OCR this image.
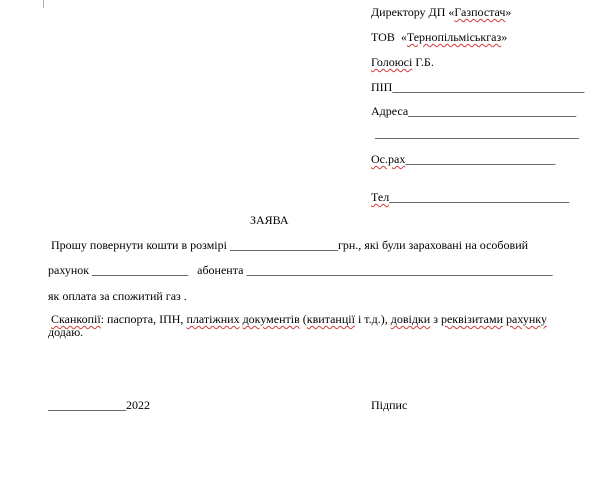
Директору ДП «Газпостач»
ТОВ  «Тернопільміськгаз»
Голоюсі Г.Б.
ПІП________________________________
Адреса____________________________
__________________________________
Ос.рах_________________________
Тел______________________________
ЗАЯВА
Прошу повернути кошти в розмірі __________________грн., які були зараховані на особовий
рахунок ________________   абонента ___________________________________________________
як оплата за спожитий газ .
Сканкопії: паспорта, ІПН, платіжних документів (квитанції і т.д.), довідки з реквізитами рахунку
додаю.
_____________2022	Підпис
